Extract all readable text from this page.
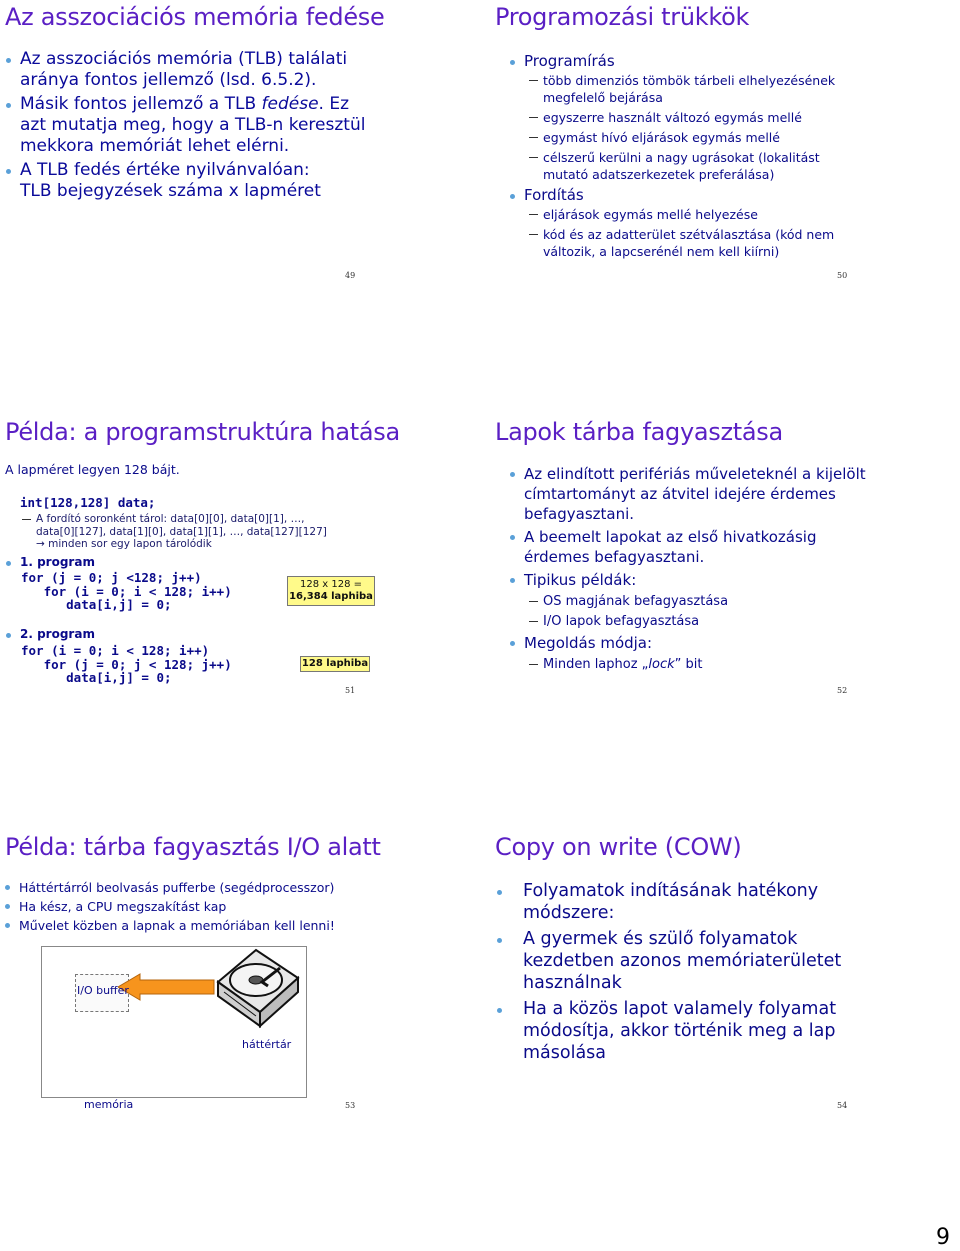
Az asszociációs memória fedése
Az asszociációs memória (TLB) találati aránya fontos jellemző (lsd. 6.5.2).
Másik fontos jellemző a TLB fedése. Ez azt mutatja meg, hogy a TLB-n keresztül mekkora memóriát lehet elérni.
A TLB fedés értéke nyilvánvalóan:
TLB bejegyzések száma x lapméret
49
Programozási trükkök
Programírás
több dimenziós tömbök tárbeli elhelyezésének megfelelő bejárása
egyszerre használt változó egymás mellé
egymást hívó eljárások egymás mellé
célszerű kerülni a nagy ugrásokat (lokalitást mutató adatszerkezetek preferálása)
Fordítás
eljárások egymás mellé helyezése
kód és az adatterület szétválasztása (kód nem változik, a lapcserénél nem kell kiírni)
50
Példa: a programstruktúra hatása
A lapméret legyen 128 bájt.
int[128,128] data;
A fordító soronként tárol: data[0][0], data[0][1], …, data[0][127], data[1][0], data[1][1], …, data[127][127]
→ minden sor egy lapon tárolódik
1. program
for (j = 0; j <128; j++)
for (i = 0; i < 128; i++)
data[i,j] = 0;
128 x 128 =
16,384 laphiba
2. program
for (i = 0; i < 128; i++)
for (j = 0; j < 128; j++)
data[i,j] = 0;
128 laphiba
51
Lapok tárba fagyasztása
Az elindított perifériás műveleteknél a kijelölt címtartományt az átvitel idejére érdemes befagyasztani.
A beemelt lapokat az első hivatkozásig érdemes befagyasztani.
Tipikus példák:
OS magjának befagyasztása
I/O lapok befagyasztása
Megoldás módja:
Minden laphoz „lock” bit
52
Példa: tárba fagyasztás I/O alatt
Háttértárról beolvasás pufferbe (segédprocesszor)
Ha kész, a CPU megszakítást kap
Művelet közben a lapnak a memóriában kell lenni!
I/O buffer
háttértár
memória	53
Copy on write (COW)
Folyamatok indításának hatékony módszere:
A gyermek és szülő folyamatok kezdetben azonos memóriaterületet használnak
Ha a közös lapot valamely folyamat módosítja, akkor történik meg a lap másolása
54
9
